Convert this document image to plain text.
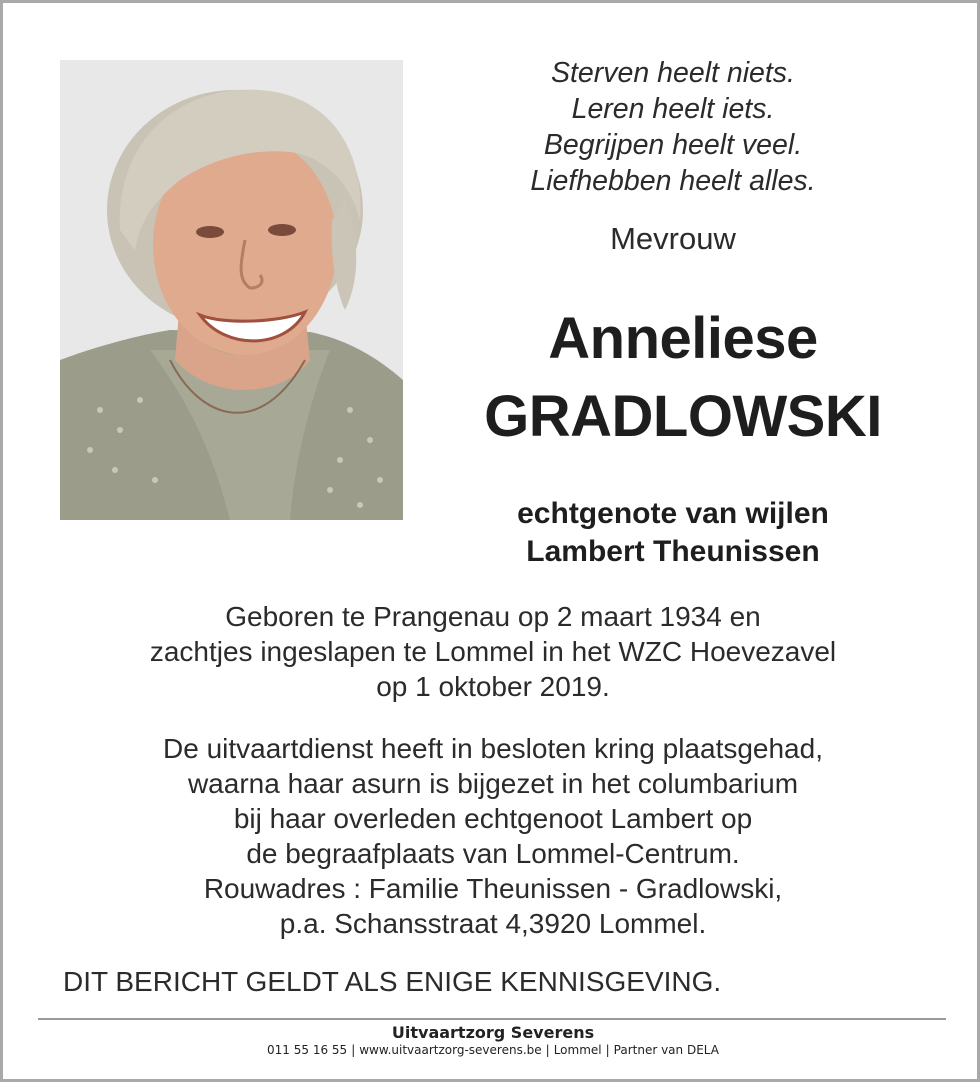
Sterven heelt niets.
Leren heelt iets.
Begrijpen heelt veel.
Liefhebben heelt alles.
Mevrouw
Anneliese
GRADLOWSKI
echtgenote van wijlen
Lambert Theunissen
Geboren te Prangenau op 2 maart 1934 en
zachtjes ingeslapen te Lommel in het WZC Hoevezavel
op 1 oktober 2019.
De uitvaartdienst heeft in besloten kring plaatsgehad,
waarna haar asurn is bijgezet in het columbarium
bij haar overleden echtgenoot Lambert op
de begraafplaats van Lommel-Centrum.
Rouwadres : Familie Theunissen - Gradlowski,
p.a. Schansstraat 4,3920 Lommel.
DIT BERICHT GELDT ALS ENIGE KENNISGEVING.
Uitvaartzorg Severens
011 55 16 55 | www.uitvaartzorg-severens.be | Lommel | Partner van DELA
